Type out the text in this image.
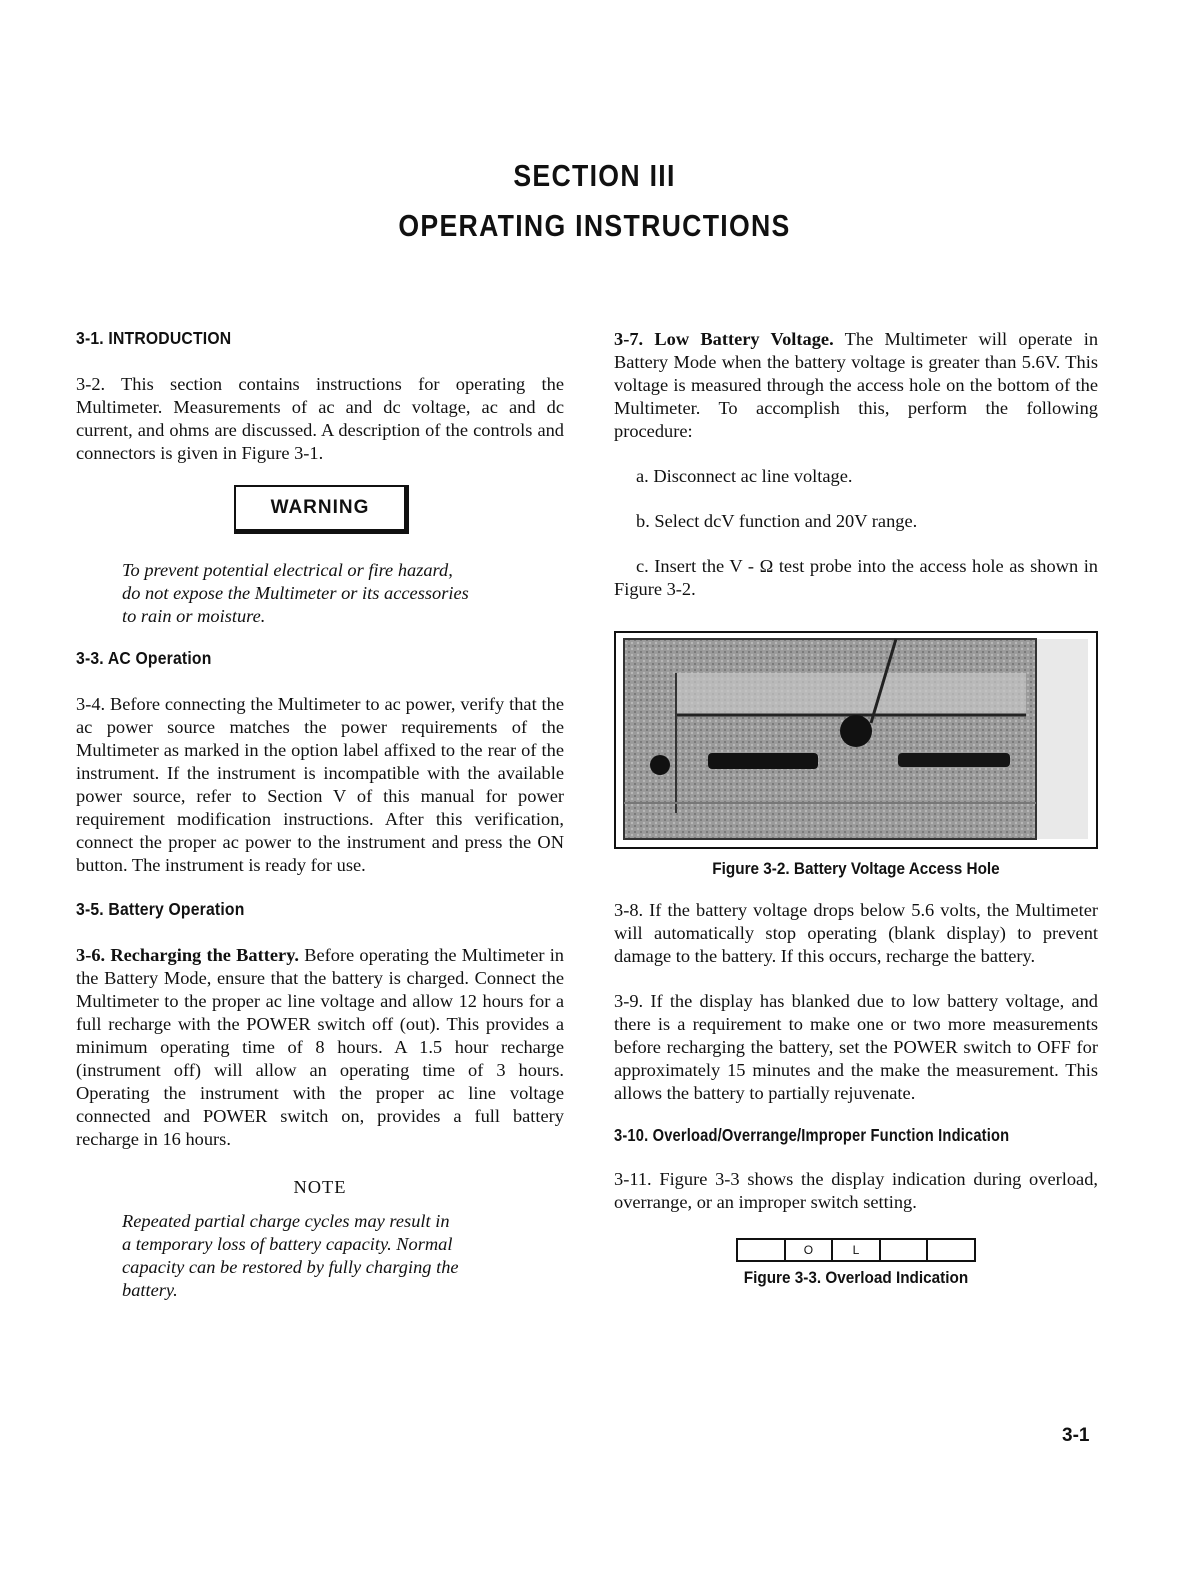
SECTION III
OPERATING INSTRUCTIONS

3-1. INTRODUCTION

3-2. This section contains instructions for operating the Multimeter. Measurements of ac and dc voltage, ac and dc current, and ohms are discussed. A description of the controls and connectors is given in Figure 3-1.

WARNING

To prevent potential electrical or fire hazard,

do not expose the Multimeter or its accessories

to rain or moisture.

3-3. AC Operation

3-4. Before connecting the Multimeter to ac power, verify that the ac power source matches the power requirements of the Multimeter as marked in the option label affixed to the rear of the instrument. If the instrument is incompatible with the available power source, refer to Section V of this manual for power requirement modification instructions. After this verification, connect the proper ac power to the instrument and press the ON button. The instrument is ready for use.

3-5. Battery Operation

3-6. Recharging the Battery. Before operating the Multimeter in the Battery Mode, ensure that the battery is charged. Connect the Multimeter to the proper ac line voltage and allow 12 hours for a full recharge with the POWER switch off (out). This provides a minimum operating time of 8 hours. A 1.5 hour recharge (instrument off) will allow an operating time of 3 hours. Operating the instrument with the proper ac line voltage connected and POWER switch on, provides a full battery recharge in 16 hours.

NOTE

Repeated partial charge cycles may result in

a temporary loss of battery capacity. Normal

capacity can be restored by fully charging the

battery.

3-7. Low Battery Voltage. The Multimeter will operate in Battery Mode when the battery voltage is greater than 5.6V. This voltage is measured through the access hole on the bottom of the Multimeter. To accomplish this, perform the following procedure:

a. Disconnect ac line voltage.

b. Select dcV function and 20V range.

c. Insert the V - Ω test probe into the access hole as shown in Figure 3-2.

Figure 3-2. Battery Voltage Access Hole

3-8. If the battery voltage drops below 5.6 volts, the Multimeter will automatically stop operating (blank display) to prevent damage to the battery. If this occurs, recharge the battery.

3-9. If the display has blanked due to low battery voltage, and there is a requirement to make one or two more measurements before recharging the battery, set the POWER switch to OFF for approximately 15 minutes and the make the measurement. This allows the battery to partially rejuvenate.

3-10. Overload/Overrange/Improper Function Indication

3-11. Figure 3-3 shows the display indication during overload, overrange, or an improper switch setting.

O	L

Figure 3-3. Overload Indication

3-1
